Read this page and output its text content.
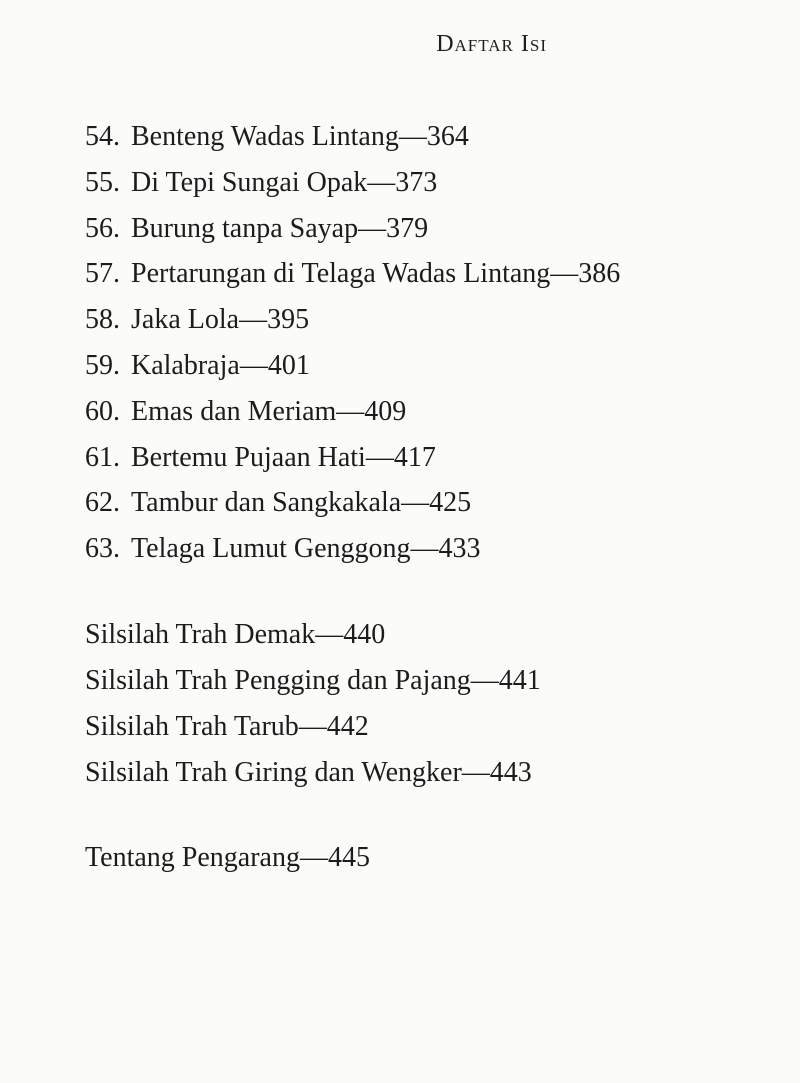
Daftar Isi
54. Benteng Wadas Lintang—364
55. Di Tepi Sungai Opak—373
56. Burung tanpa Sayap—379
57. Pertarungan di Telaga Wadas Lintang—386
58. Jaka Lola—395
59. Kalabraja—401
60. Emas dan Meriam—409
61. Bertemu Pujaan Hati—417
62. Tambur dan Sangkakala—425
63. Telaga Lumut Genggong—433
Silsilah Trah Demak—440
Silsilah Trah Pengging dan Pajang—441
Silsilah Trah Tarub—442
Silsilah Trah Giring dan Wengker—443
Tentang Pengarang—445
